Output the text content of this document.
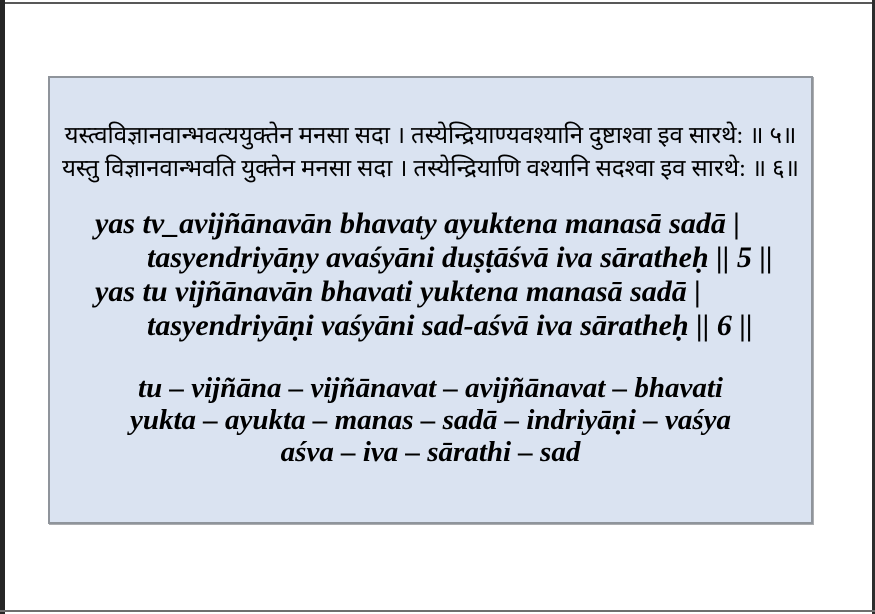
यस्त्वविज्ञानवान्भवत्ययुक्तेन मनसा सदा । तस्येन्द्रियाण्यवश्यानि दुष्टाश्वा इव सारथे: ॥ ५॥
यस्तु विज्ञानवान्भवति युक्तेन मनसा सदा । तस्येन्द्रियाणि वश्यानि सदश्वा इव सारथे: ॥ ६॥
yas tv_avijñānavān bhavaty ayuktena manasā sadā |
tasyendriyāṇy avaśyāni duṣṭāśvā iva sāratheḥ || 5 ||
yas tu vijñānavān bhavati yuktena manasā sadā |
tasyendriyāṇi vaśyāni sad-aśvā iva sāratheḥ || 6 ||
tu – vijñāna – vijñānavat – avijñānavat – bhavati
yukta – ayukta – manas – sadā – indriyāṇi – vaśya
aśva – iva – sārathi – sad
